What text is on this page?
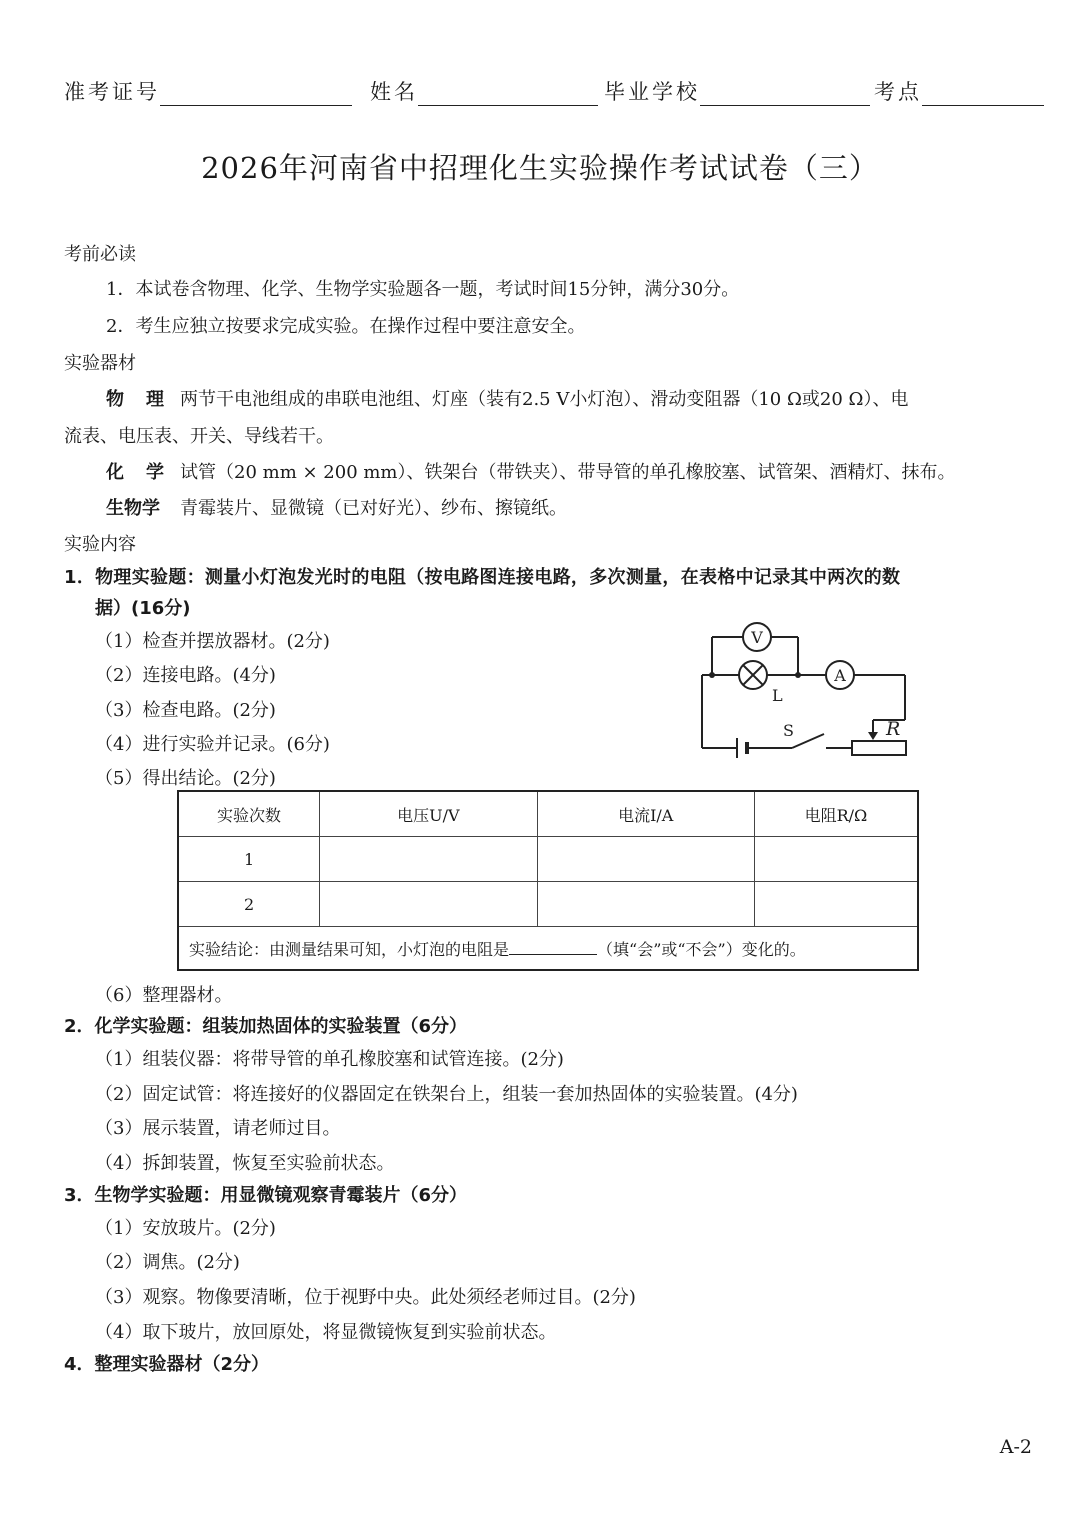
准考证号	姓名	毕业学校	考点
2026年河南省中招理化生实验操作考试试卷（三）
考前必读
1．本试卷含物理、化学、生物学实验题各一题，考试时间15分钟，满分30分。
2．考生应独立按要求完成实验。在操作过程中要注意安全。
实验器材
物　理 两节干电池组成的串联电池组、灯座（装有2.5 V小灯泡）、滑动变阻器（10 Ω或20 Ω）、电
流表、电压表、开关、导线若干。
化　学 试管（20 mm × 200 mm）、铁架台（带铁夹）、带导管的单孔橡胶塞、试管架、酒精灯、抹布。
生物学 青霉装片、显微镜（已对好光）、纱布、擦镜纸。
实验内容
1．物理实验题：测量小灯泡发光时的电阻（按电路图连接电路，多次测量，在表格中记录其中两次的数
据）(16分)
（1）检查并摆放器材。(2分)
（2）连接电路。(4分)
（3）检查电路。(2分)
（4）进行实验并记录。(6分)
（5）得出结论。(2分)
V
A
L
S	R
实验次数	电压U/V	电流I/A	电阻R/Ω
1			
2			
实验结论：由测量结果可知，小灯泡的电阻是 （填“会”或“不会”）变化的。			
（6）整理器材。
2．化学实验题：组装加热固体的实验装置（6分）
（1）组装仪器：将带导管的单孔橡胶塞和试管连接。(2分)
（2）固定试管：将连接好的仪器固定在铁架台上，组装一套加热固体的实验装置。(4分)
（3）展示装置，请老师过目。
（4）拆卸装置，恢复至实验前状态。
3．生物学实验题：用显微镜观察青霉装片（6分）
（1）安放玻片。(2分)
（2）调焦。(2分)
（3）观察。物像要清晰，位于视野中央。此处须经老师过目。(2分)
（4）取下玻片，放回原处，将显微镜恢复到实验前状态。
4．整理实验器材（2分）
A-2
